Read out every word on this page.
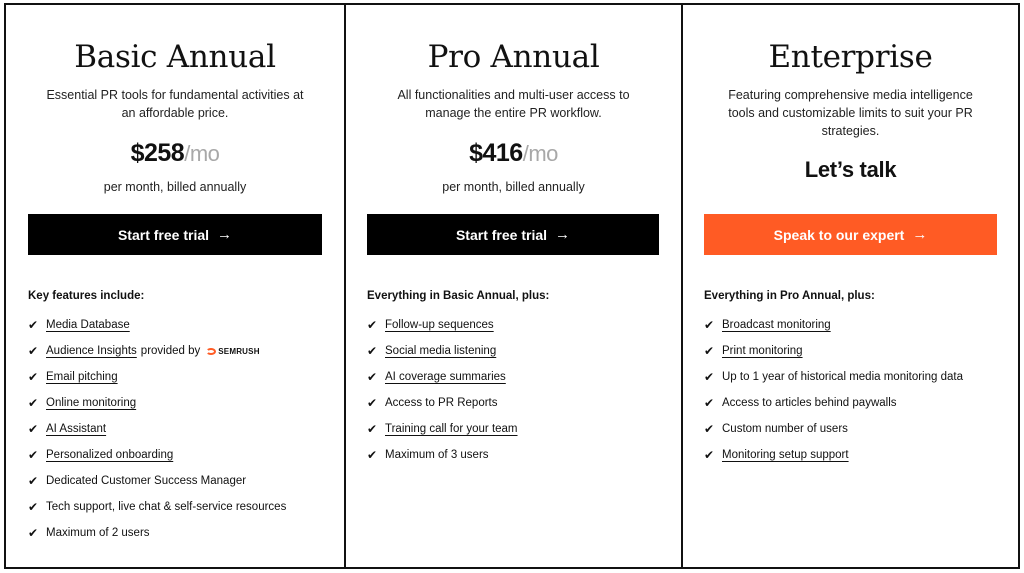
Basic Annual
Essential PR tools for fundamental activities at an affordable price.
$258/mo
per month, billed annually
Start free trial →
Key features include:
✔ Media Database
✔ Audience Insights provided by SEMRUSH
✔ Email pitching
✔ Online monitoring
✔ AI Assistant
✔ Personalized onboarding
✔ Dedicated Customer Success Manager
✔ Tech support, live chat & self-service resources
✔ Maximum of 2 users
Pro Annual
All functionalities and multi-user access to manage the entire PR workflow.
$416/mo
per month, billed annually
Start free trial →
Everything in Basic Annual, plus:
✔ Follow-up sequences
✔ Social media listening
✔ AI coverage summaries
✔ Access to PR Reports
✔ Training call for your team
✔ Maximum of 3 users
Enterprise
Featuring comprehensive media intelligence tools and customizable limits to suit your PR strategies.
Let’s talk
Speak to our expert →
Everything in Pro Annual, plus:
✔ Broadcast monitoring
✔ Print monitoring
✔ Up to 1 year of historical media monitoring data
✔ Access to articles behind paywalls
✔ Custom number of users
✔ Monitoring setup support
